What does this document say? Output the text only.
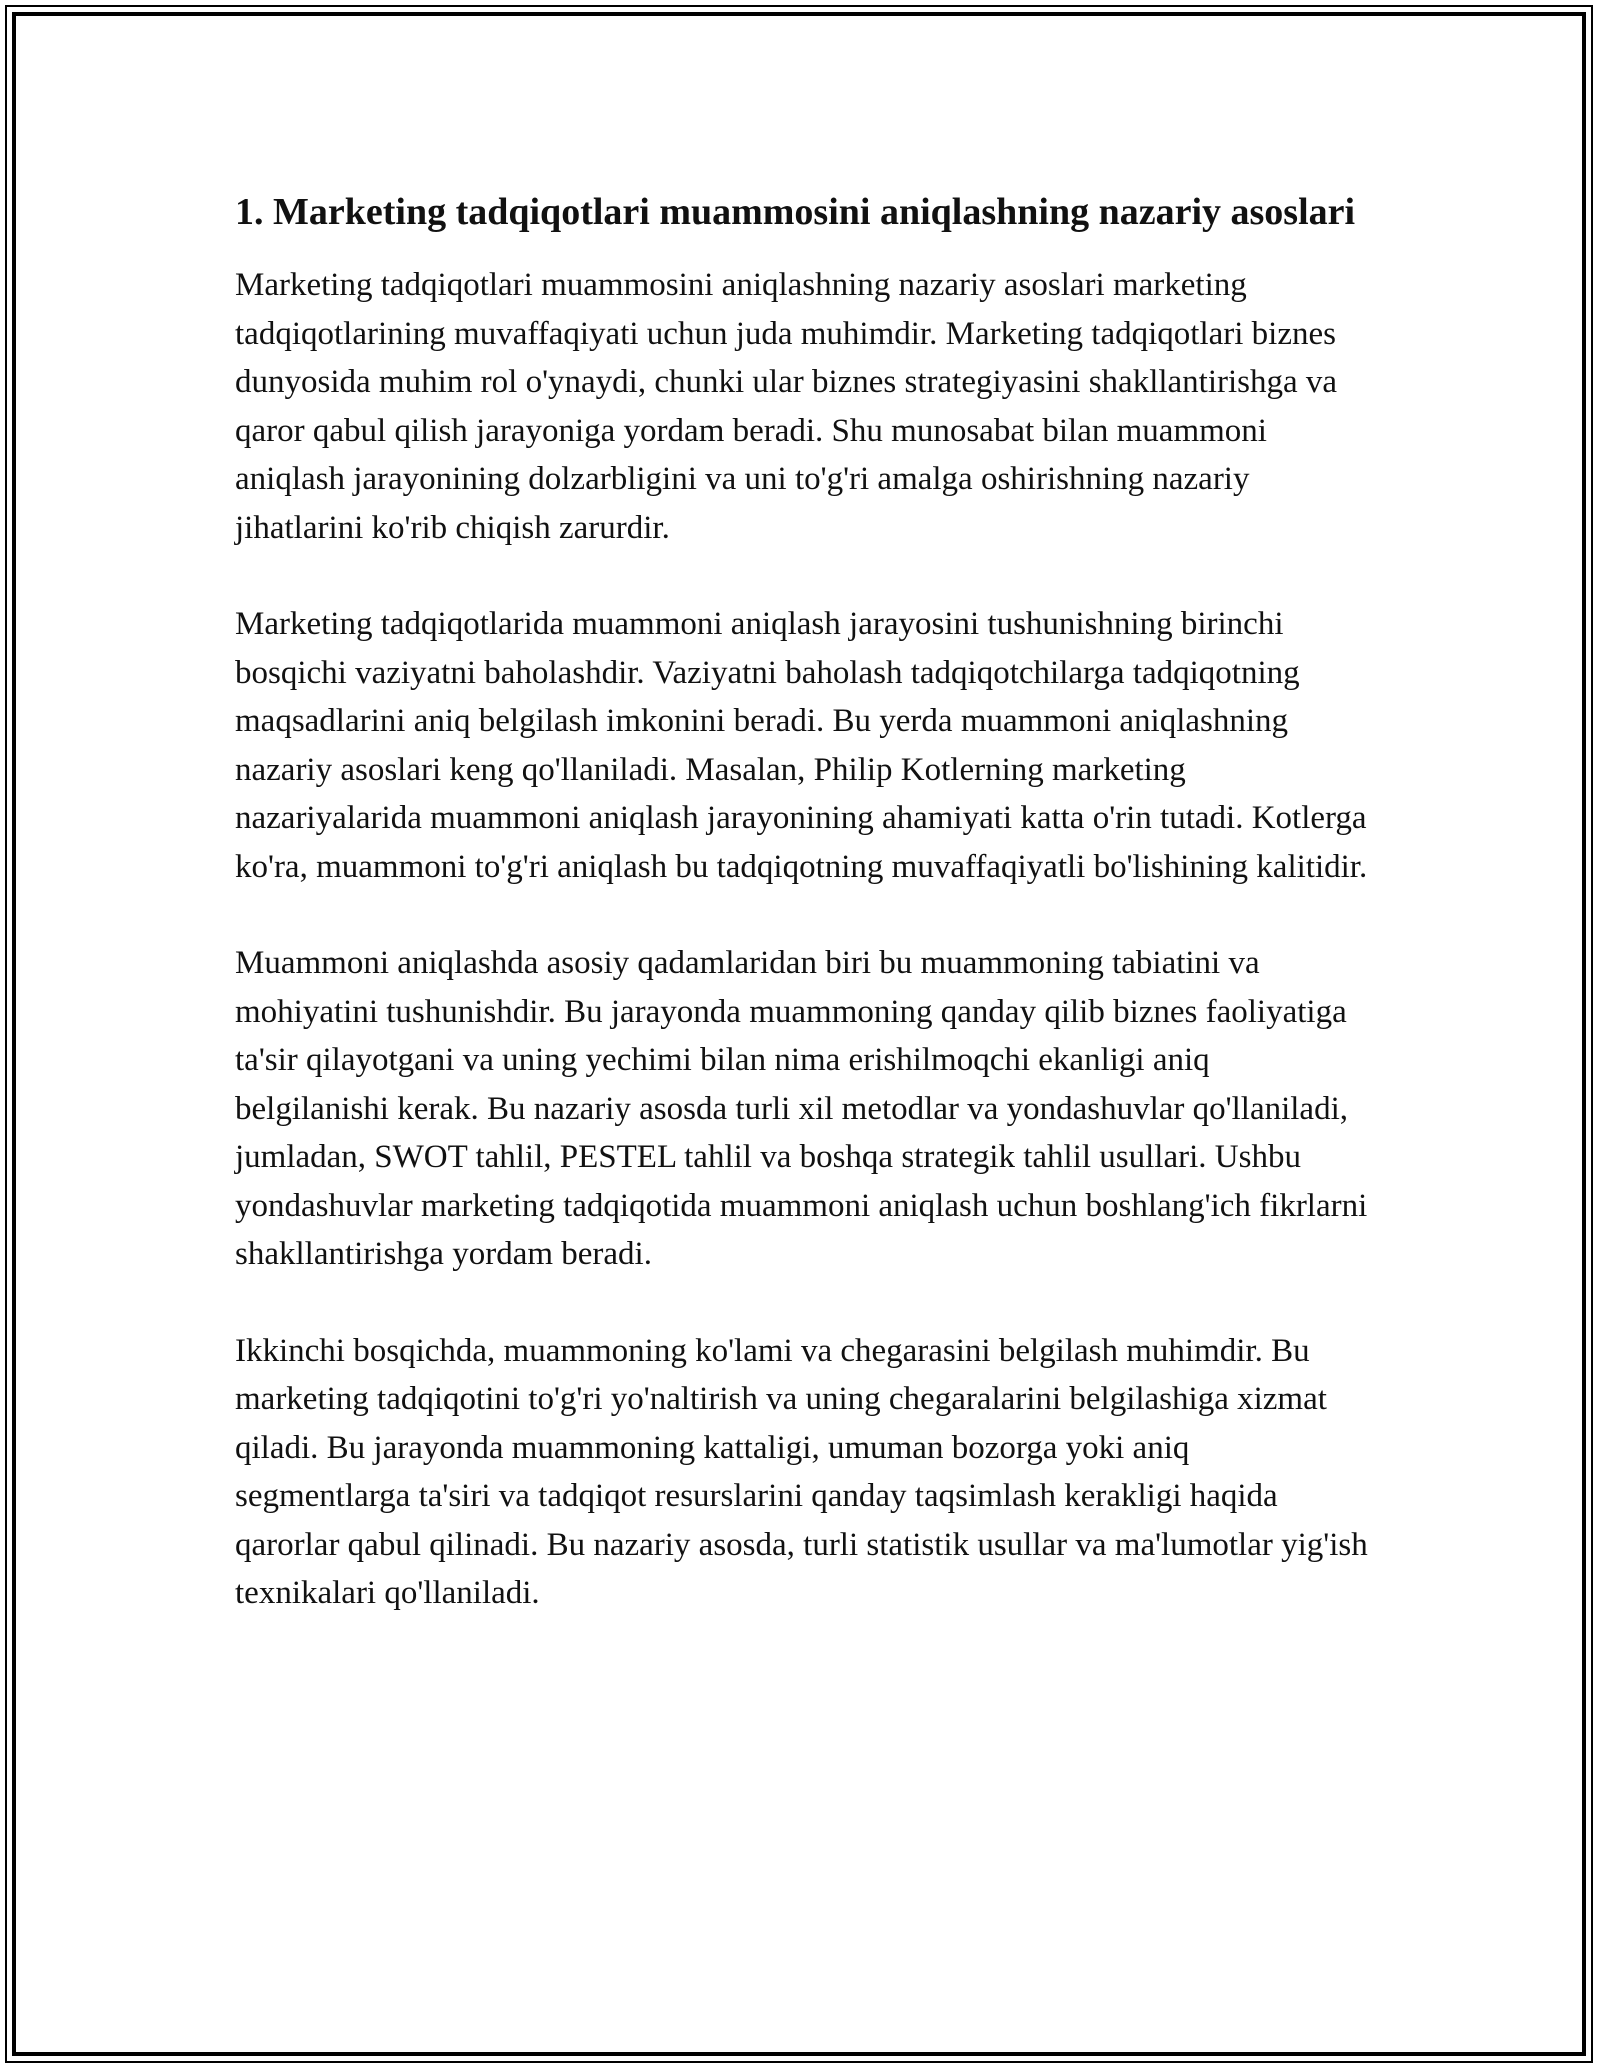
1. Marketing tadqiqotlari muammosini aniqlashning nazariy asoslari

Marketing tadqiqotlari muammosini aniqlashning nazariy asoslari marketing tadqiqotlarining muvaffaqiyati uchun juda muhimdir. Marketing tadqiqotlari biznes dunyosida muhim rol o'ynaydi, chunki ular biznes strategiyasini shakllantirishga va qaror qabul qilish jarayoniga yordam beradi. Shu munosabat bilan muammoni aniqlash jarayonining dolzarbligini va uni to'g'ri amalga oshirishning nazariy jihatlarini ko'rib chiqish zarurdir.

Marketing tadqiqotlarida muammoni aniqlash jarayosini tushunishning birinchi bosqichi vaziyatni baholashdir. Vaziyatni baholash tadqiqotchilarga tadqiqotning maqsadlarini aniq belgilash imkonini beradi. Bu yerda muammoni aniqlashning nazariy asoslari keng qo'llaniladi. Masalan, Philip Kotlerning marketing nazariyalarida muammoni aniqlash jarayonining ahamiyati katta o'rin tutadi. Kotlerga ko'ra, muammoni to'g'ri aniqlash bu tadqiqotning muvaffaqiyatli bo'lishining kalitidir.

Muammoni aniqlashda asosiy qadamlaridan biri bu muammoning tabiatini va mohiyatini tushunishdir. Bu jarayonda muammoning qanday qilib biznes faoliyatiga ta'sir qilayotgani va uning yechimi bilan nima erishilmoqchi ekanligi aniq belgilanishi kerak. Bu nazariy asosda turli xil metodlar va yondashuvlar qo'llaniladi, jumladan, SWOT tahlil, PESTEL tahlil va boshqa strategik tahlil usullari. Ushbu yondashuvlar marketing tadqiqotida muammoni aniqlash uchun boshlang'ich fikrlarni shakllantirishga yordam beradi.

Ikkinchi bosqichda, muammoning ko'lami va chegarasini belgilash muhimdir. Bu marketing tadqiqotini to'g'ri yo'naltirish va uning chegaralarini belgilashiga xizmat qiladi. Bu jarayonda muammoning kattaligi, umuman bozorga yoki aniq segmentlarga ta'siri va tadqiqot resurslarini qanday taqsimlash kerakligi haqida qarorlar qabul qilinadi. Bu nazariy asosda, turli statistik usullar va ma'lumotlar yig'ish texnikalari qo'llaniladi.
